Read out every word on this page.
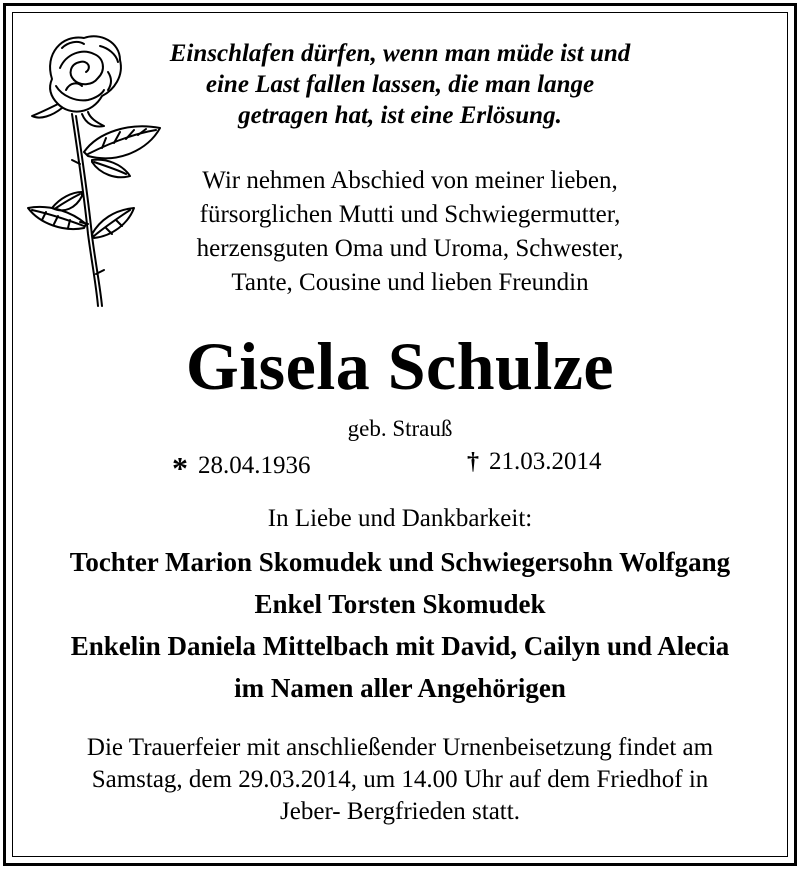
Einschlafen dürfen, wenn man müde ist und
eine Last fallen lassen, die man lange
getragen hat, ist eine Erlösung.
Wir nehmen Abschied von meiner lieben,
fürsorglichen Mutti und Schwiegermutter,
herzensguten Oma und Uroma, Schwester,
Tante, Cousine und lieben Freundin
Gisela Schulze
geb. Strauß
* 28.04.1936	† 21.03.2014
In Liebe und Dankbarkeit:
Tochter Marion Skomudek und Schwiegersohn Wolfgang
Enkel Torsten Skomudek
Enkelin Daniela Mittelbach mit David, Cailyn und Alecia
im Namen aller Angehörigen
Die Trauerfeier mit anschließender Urnenbeisetzung findet am
Samstag, dem 29.03.2014, um 14.00 Uhr auf dem Friedhof in
Jeber- Bergfrieden statt.
